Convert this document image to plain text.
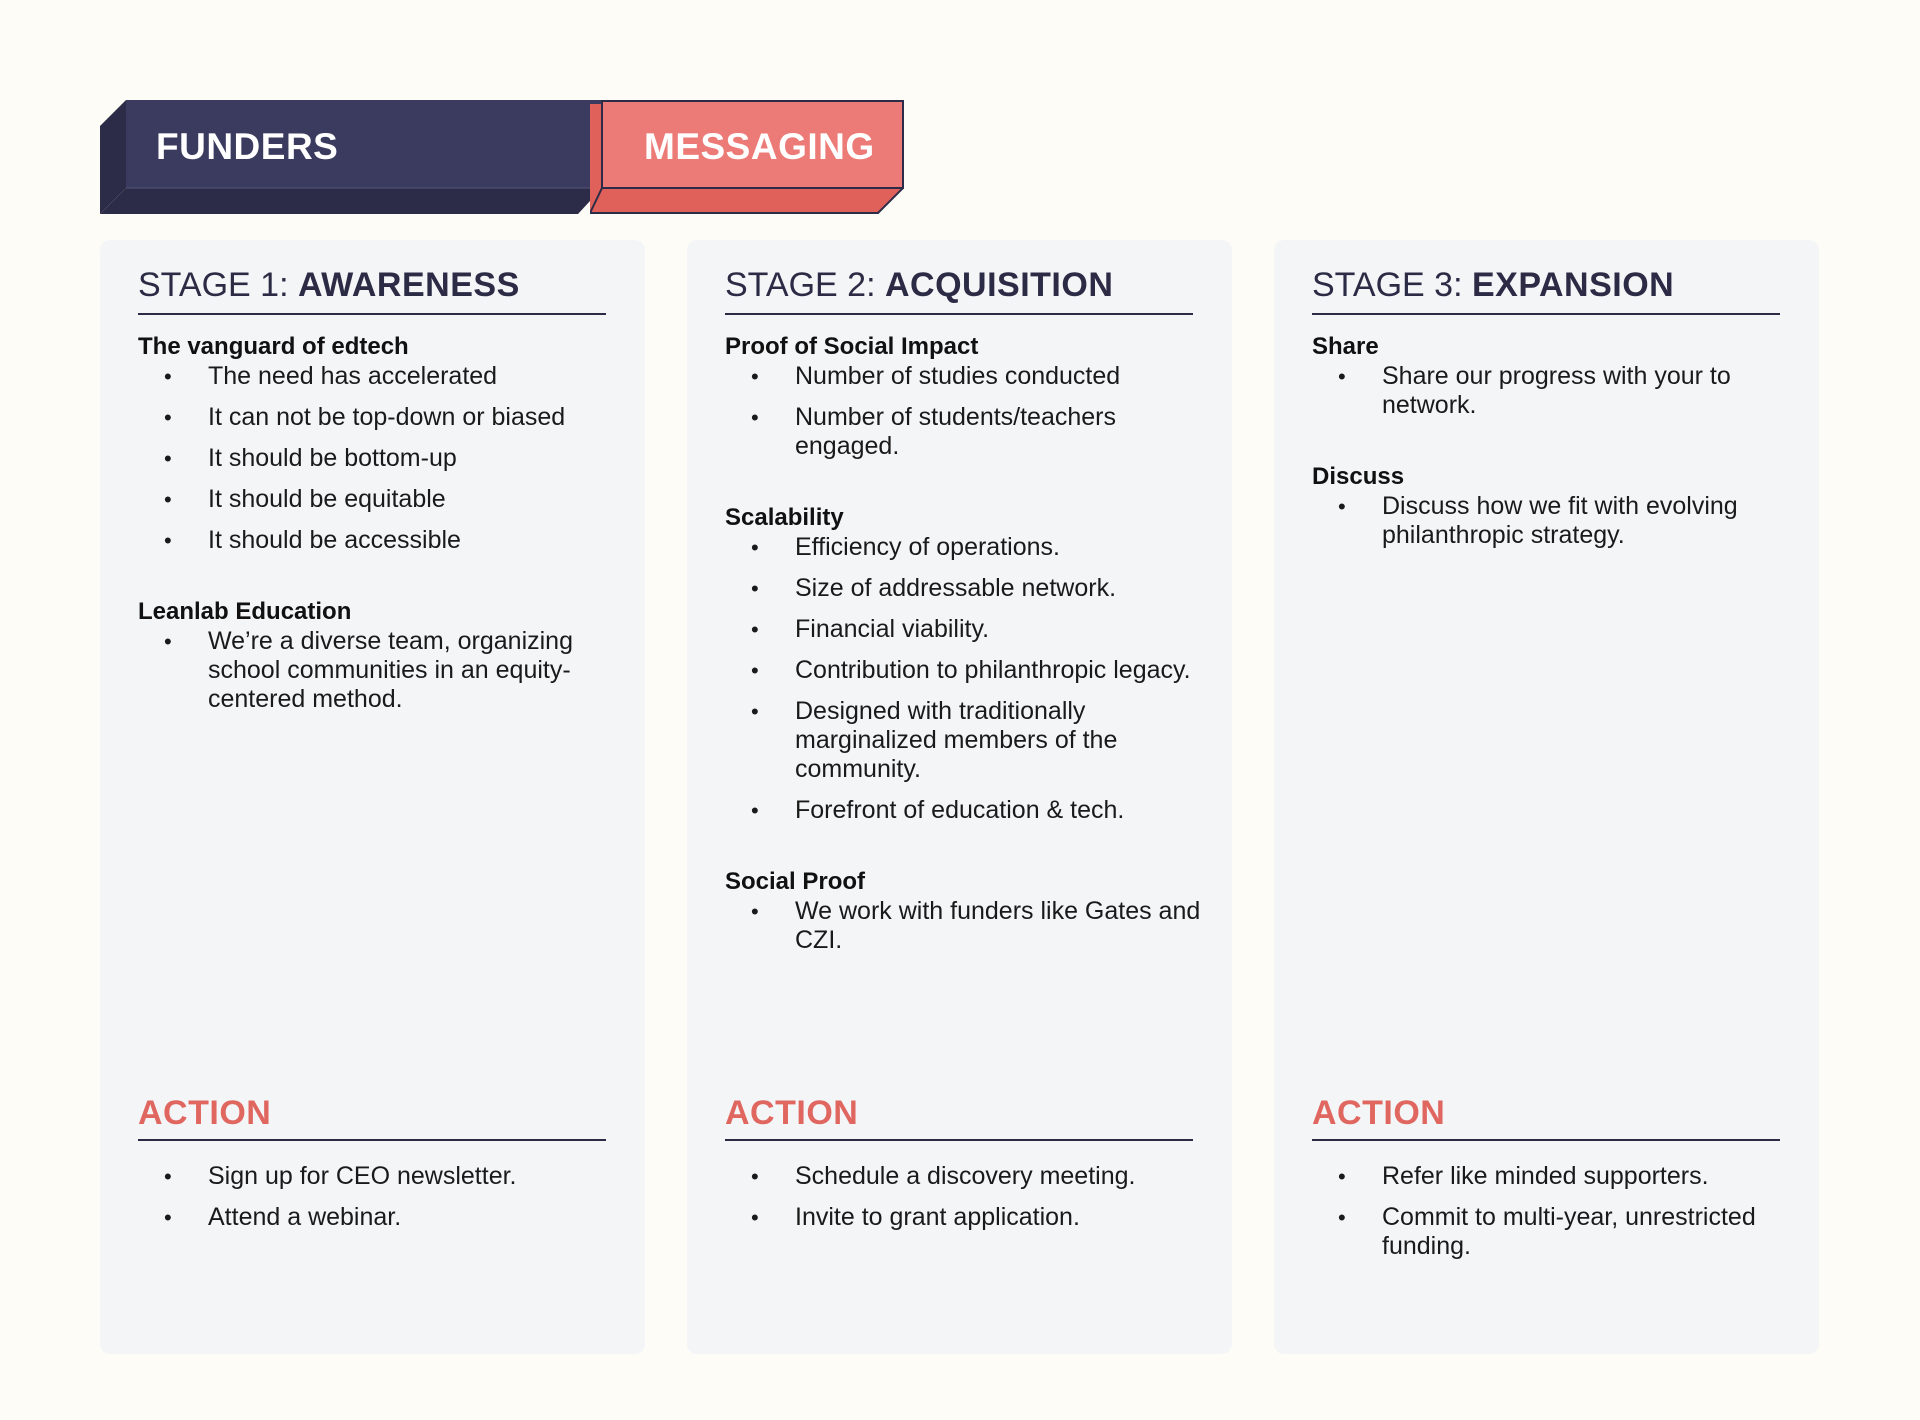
FUNDERS	MESSAGING
STAGE 1: AWARENESS
The vanguard of edtech
• The need has accelerated
• It can not be top-down or biased
• It should be bottom-up
• It should be equitable
• It should be accessible
Leanlab Education
• We’re a diverse team, organizing school communities in an equity-centered method.
ACTION
• Sign up for CEO newsletter.
• Attend a webinar.
STAGE 2: ACQUISITION
Proof of Social Impact
• Number of studies conducted
• Number of students/teachers engaged.
Scalability
• Efficiency of operations.
• Size of addressable network.
• Financial viability.
• Contribution to philanthropic legacy.
• Designed with traditionally marginalized members of the community.
• Forefront of education & tech.
Social Proof
• We work with funders like Gates and CZI.
ACTION
• Schedule a discovery meeting.
• Invite to grant application.
STAGE 3: EXPANSION
Share
• Share our progress with your to network.
Discuss
• Discuss how we fit with evolving philanthropic strategy.
ACTION
• Refer like minded supporters.
• Commit to multi-year, unrestricted funding.
